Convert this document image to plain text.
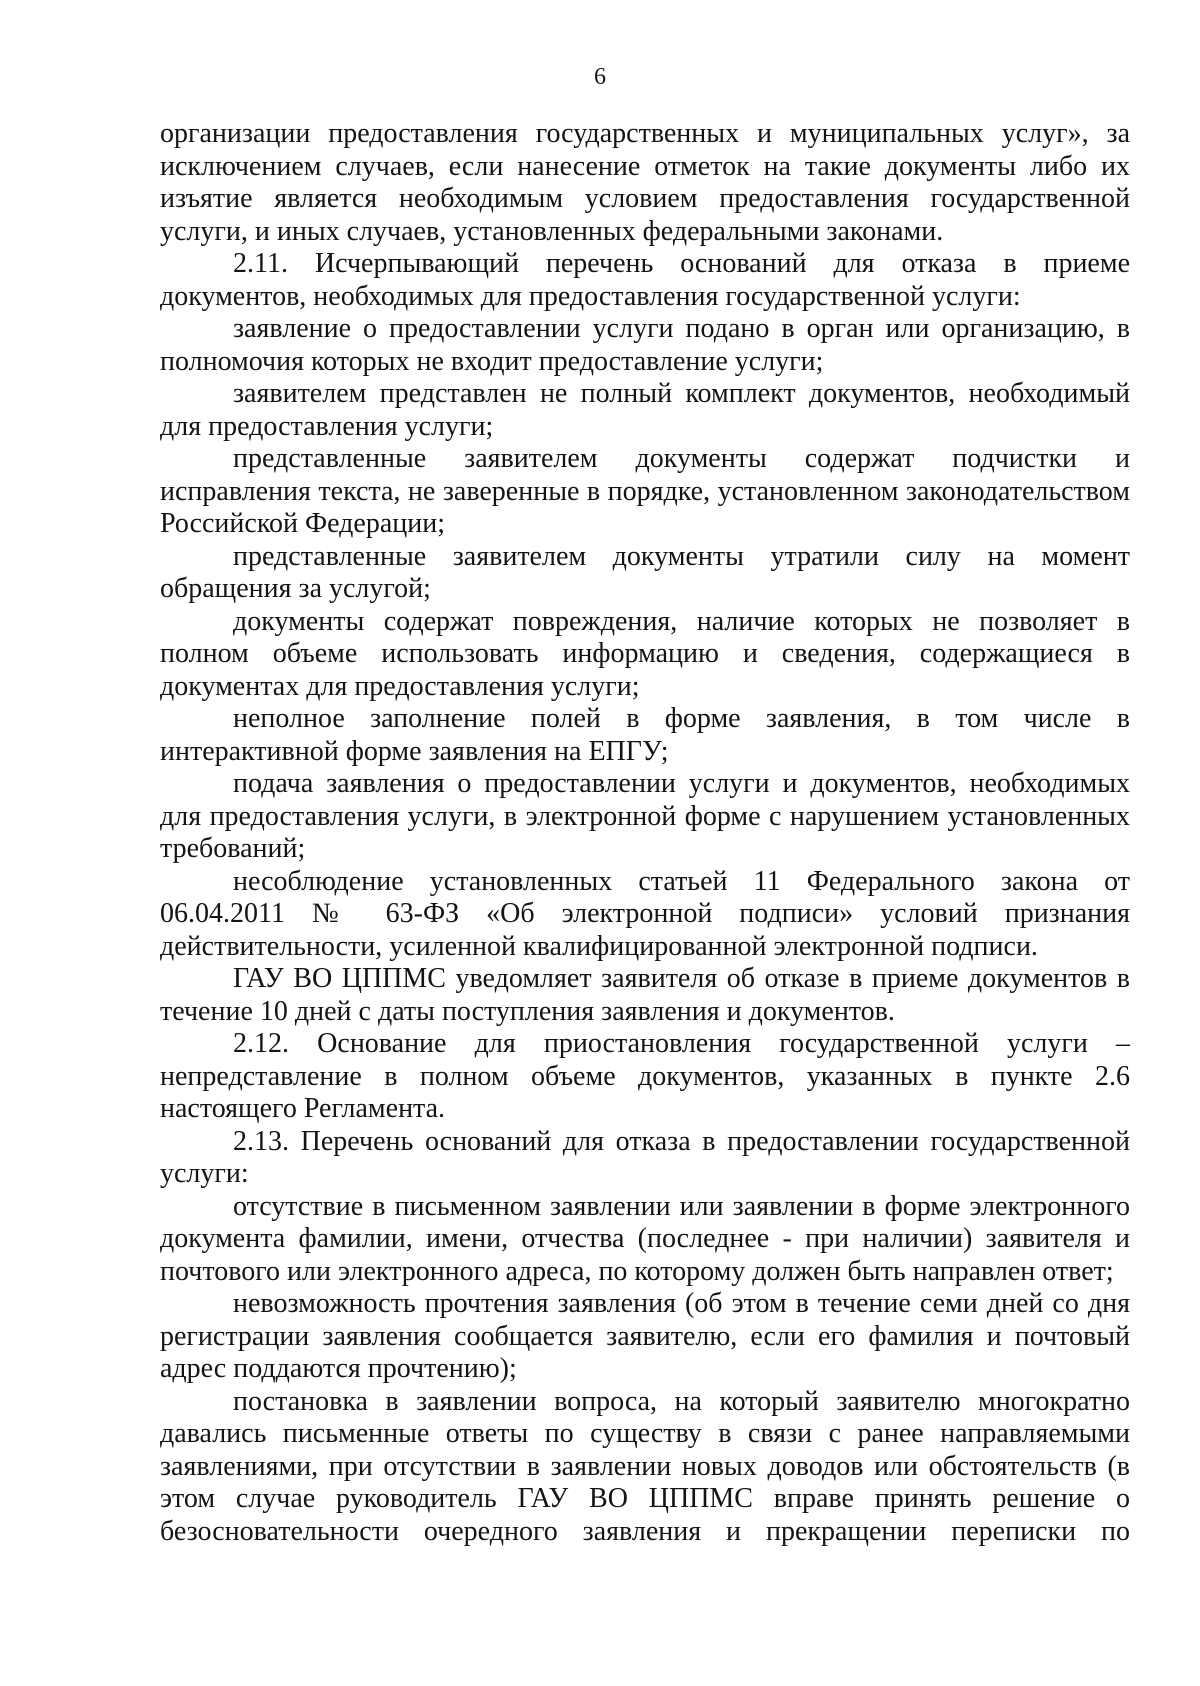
6

организации предоставления государственных и муниципальных услуг», за исключением случаев, если нанесение отметок на такие документы либо их изъятие является необходимым условием предоставления государственной услуги, и иных случаев, установленных федеральными законами.

2.11. Исчерпывающий перечень оснований для отказа в приеме документов, необходимых для предоставления государственной услуги:

заявление о предоставлении услуги подано в орган или организацию, в полномочия которых не входит предоставление услуги;

заявителем представлен не полный комплект документов, необходимый для предоставления услуги;

представленные заявителем документы содержат подчистки и исправления текста, не заверенные в порядке, установленном законодательством Российской Федерации;

представленные заявителем документы утратили силу на момент обращения за услугой;

документы содержат повреждения, наличие которых не позволяет в полном объеме использовать информацию и сведения, содержащиеся в документах для предоставления услуги;

неполное заполнение полей в форме заявления, в том числе в интерактивной форме заявления на ЕПГУ;

подача заявления о предоставлении услуги и документов, необходимых для предоставления услуги, в электронной форме с нарушением установленных требований;

несоблюдение установленных статьей 11 Федерального закона от 06.04.2011 № 63-ФЗ «Об электронной подписи» условий признания действительности, усиленной квалифицированной электронной подписи.

ГАУ ВО ЦППМС уведомляет заявителя об отказе в приеме документов в течение 10 дней с даты поступления заявления и документов.

2.12. Основание для приостановления государственной услуги – непредставление в полном объеме документов, указанных в пункте 2.6 настоящего Регламента.

2.13. Перечень оснований для отказа в предоставлении государственной услуги:

отсутствие в письменном заявлении или заявлении в форме электронного документа фамилии, имени, отчества (последнее - при наличии) заявителя и почтового или электронного адреса, по которому должен быть направлен ответ;

невозможность прочтения заявления (об этом в течение семи дней со дня регистрации заявления сообщается заявителю, если его фамилия и почтовый адрес поддаются прочтению);

постановка в заявлении вопроса, на который заявителю многократно давались письменные ответы по существу в связи с ранее направляемыми заявлениями, при отсутствии в заявлении новых доводов или обстоятельств (в этом случае руководитель ГАУ ВО ЦППМС вправе принять решение о безосновательности очередного заявления и прекращении переписки по
